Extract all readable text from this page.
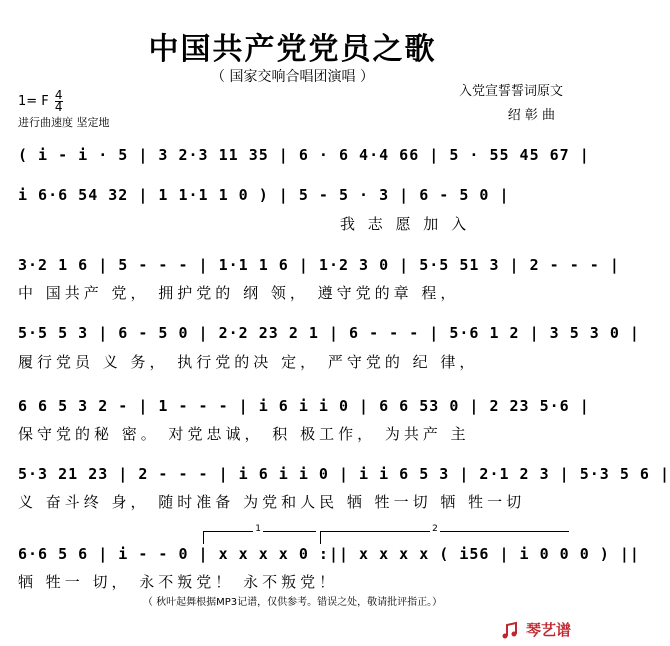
中国共产党党员之歌
（ 国家交响合唱团演唱 ）
入党宣誓誓词原文
绍 彰 曲
1= F $\frac{4}{4}$
进行曲速度 坚定地
( i - i · 5 | 3 2·3 11 35 | 6 · 6 4·4 66 | 5 · 55 45 67 |
i 6·6 54 32 | 1 1·1 1 0 ) | 5 - 5 · 3 | 6 - 5 0 |
我 志 愿 加 入
3·2 1 6 | 5 - - - | 1·1 1 6 | 1·2 3 0 | 5·5 51 3 | 2 - - - |
中 国共产 党， 拥护党的 纲 领， 遵守党的章 程，
5·5 5 3 | 6 - 5 0 | 2·2 23 2 1 | 6 - - - | 5·6 1 2 | 3 5 3 0 |
履行党员 义 务， 执行党的决 定， 严守党的 纪 律，
6 6 5 3 2 - | 1 - - - | i 6 i i 0 | 6 6 53 0 | 2 23 5·6 |
保守党的秘 密。 对党忠诚， 积 极工作， 为共产 主
5·3 21 23 | 2 - - - | i 6 i i 0 | i i 6 5 3 | 2·1 2 3 | 5·3 5 6 |
义 奋斗终 身， 随时准备 为党和人民 牺 牲一切 牺 牲一切
1	2
6·6 5 6 | i - - 0 | x x x x 0 :|| x x x x ( i56 | i 0 0 0 ) ||
牺 牲一 切， 永不叛党！ 永不叛党！
（ 秋叶起舞根据MP3记谱，仅供参考。错误之处，敬请批评指正。）
琴艺谱
